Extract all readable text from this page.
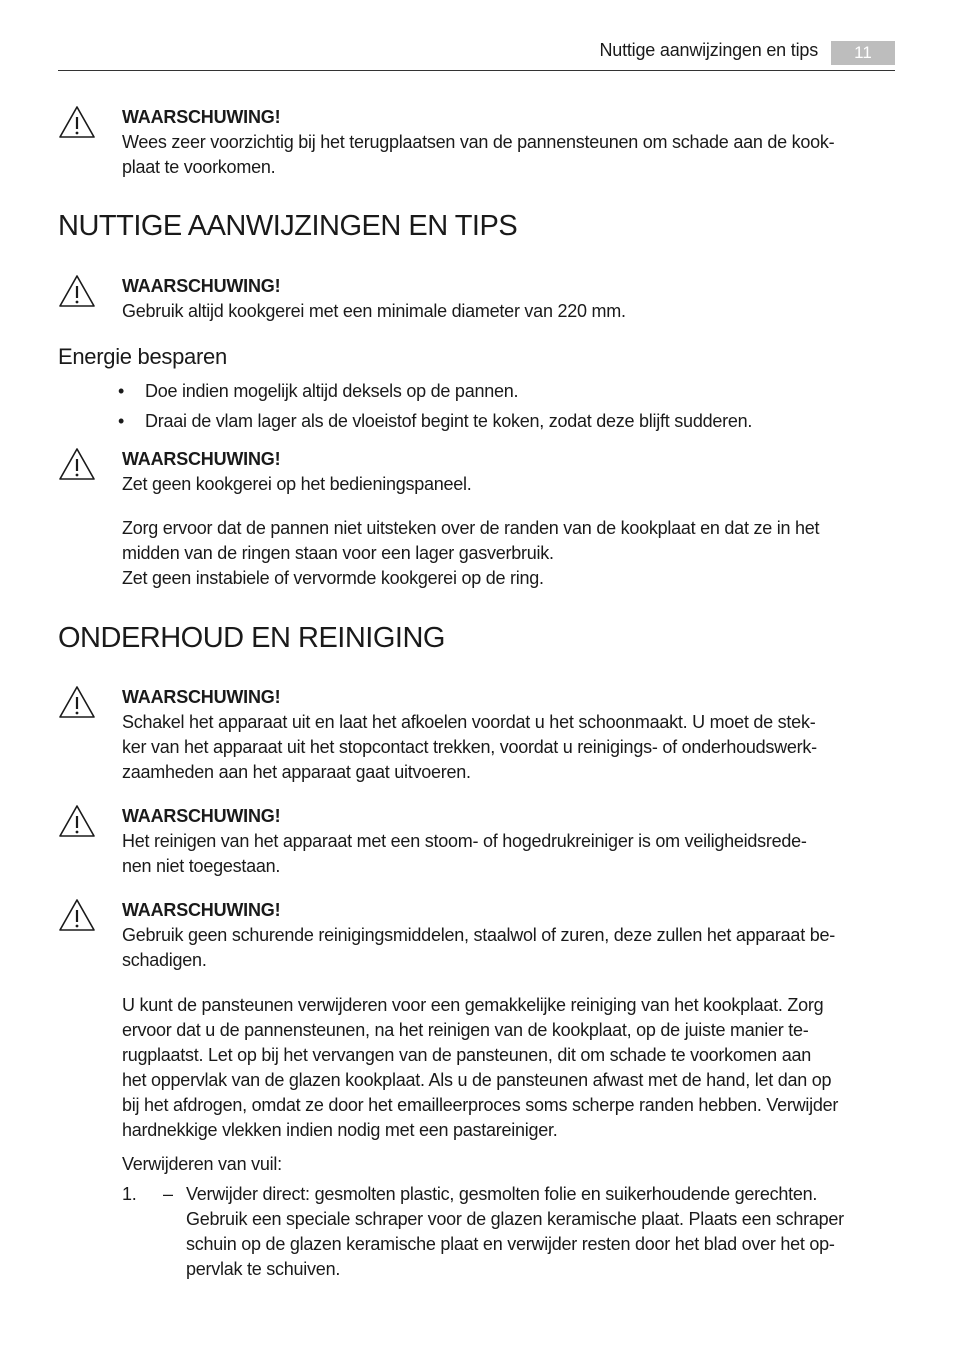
Nuttige aanwijzingen en tips	11
WAARSCHUWING!

Wees zeer voorzichtig bij het terugplaatsen van de pannensteunen om schade aan de kook-
plaat te voorkomen.

NUTTIGE AANWIJZINGEN EN TIPS
WAARSCHUWING!

Gebruik altijd kookgerei met een minimale diameter van 220 mm.

Energie besparen
• Doe indien mogelijk altijd deksels op de pannen.
• Draai de vlam lager als de vloeistof begint te koken, zodat deze blijft sudderen.
WAARSCHUWING!

Zet geen kookgerei op het bedieningspaneel.

Zorg ervoor dat de pannen niet uitsteken over de randen van de kookplaat en dat ze in het
midden van de ringen staan voor een lager gasverbruik.
Zet geen instabiele of vervormde kookgerei op de ring.

ONDERHOUD EN REINIGING
WAARSCHUWING!

Schakel het apparaat uit en laat het afkoelen voordat u het schoonmaakt. U moet de stek-
ker van het apparaat uit het stopcontact trekken, voordat u reinigings- of onderhoudswerk-
zaamheden aan het apparaat gaat uitvoeren.

WAARSCHUWING!

Het reinigen van het apparaat met een stoom- of hogedrukreiniger is om veiligheidsrede-
nen niet toegestaan.

WAARSCHUWING!

Gebruik geen schurende reinigingsmiddelen, staalwol of zuren, deze zullen het apparaat be-
schadigen.

U kunt de pansteunen verwijderen voor een gemakkelijke reiniging van het kookplaat. Zorg
ervoor dat u de pannensteunen, na het reinigen van de kookplaat, op de juiste manier te-
rugplaatst. Let op bij het vervangen van de pansteunen, dit om schade te voorkomen aan
het oppervlak van de glazen kookplaat. Als u de pansteunen afwast met de hand, let dan op
bij het afdrogen, omdat ze door het emailleerproces soms scherpe randen hebben. Verwijder
hardnekkige vlekken indien nodig met een pastareiniger.

Verwijderen van vuil:
1. – Verwijder direct: gesmolten plastic, gesmolten folie en suikerhoudende gerechten.
Gebruik een speciale schraper voor de glazen keramische plaat. Plaats een schraper
schuin op de glazen keramische plaat en verwijder resten door het blad over het op-
pervlak te schuiven.
